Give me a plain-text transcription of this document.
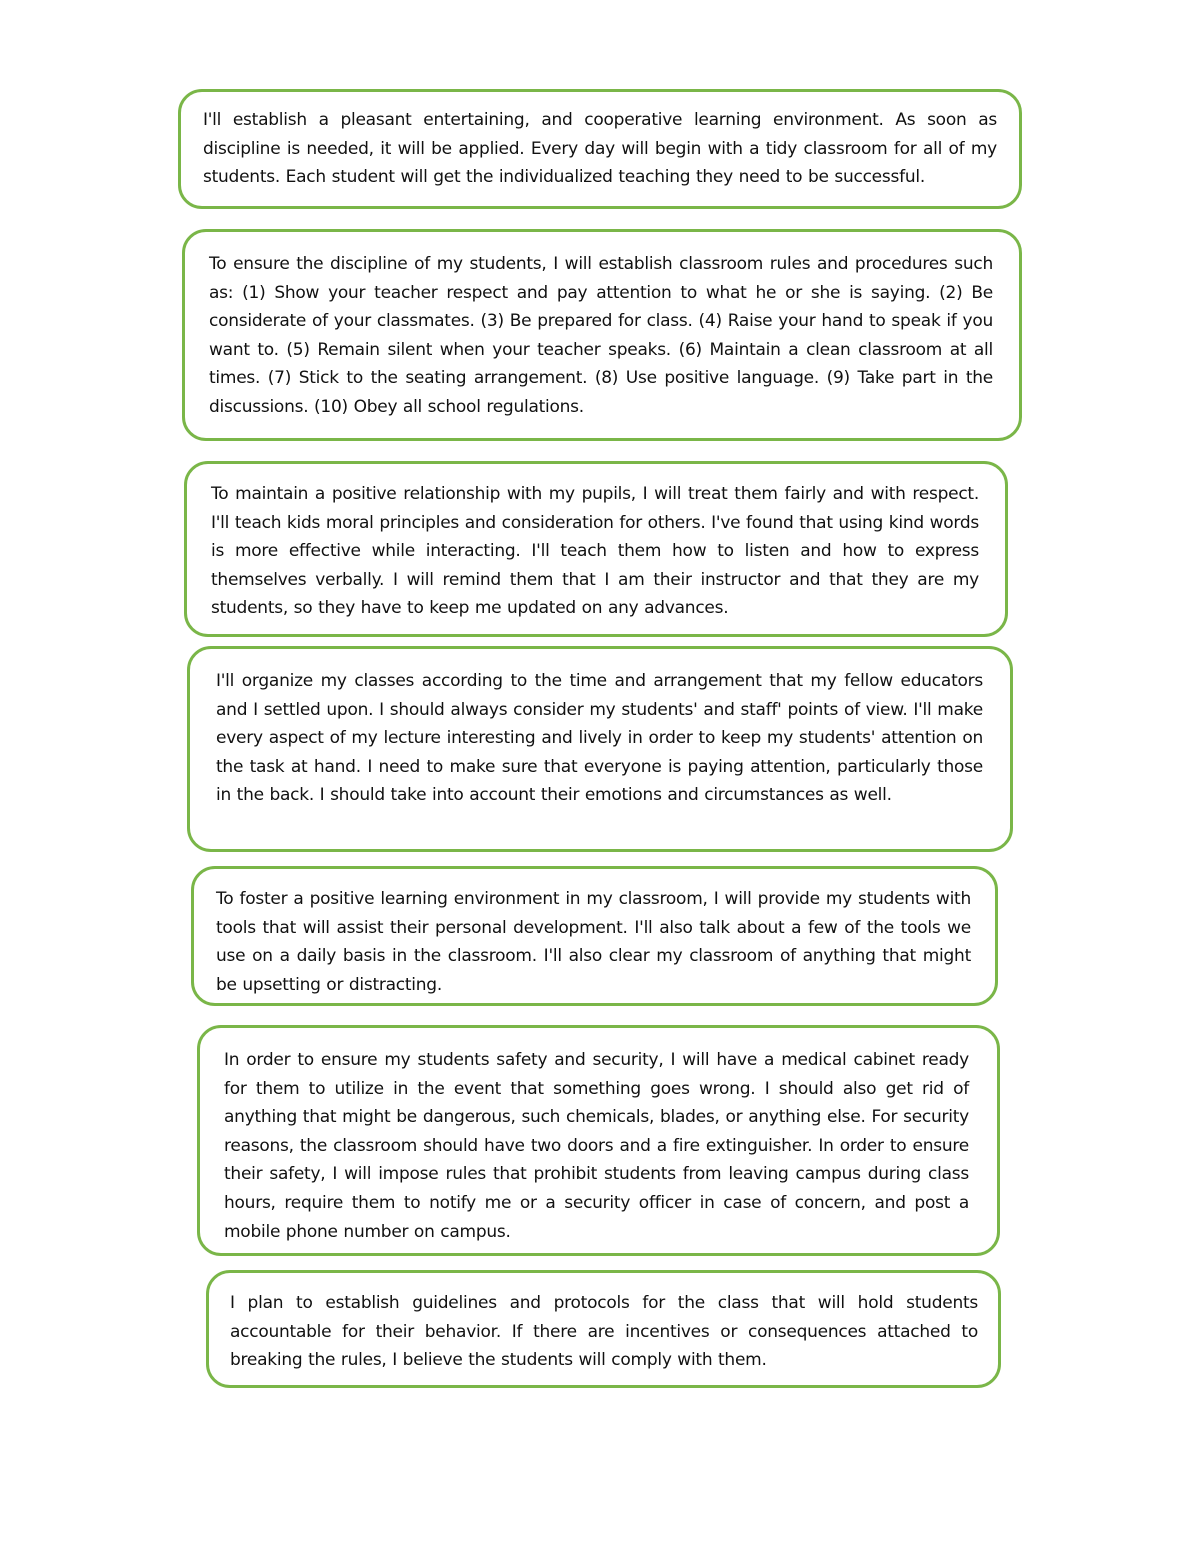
I'll establish a pleasant entertaining, and cooperative learning environment. As soon as discipline is needed, it will be applied. Every day will begin with a tidy classroom for all of my students. Each student will get the individualized teaching they need to be successful.

To ensure the discipline of my students, I will establish classroom rules and procedures such as: (1) Show your teacher respect and pay attention to what he or she is saying. (2) Be considerate of your classmates. (3) Be prepared for class. (4) Raise your hand to speak if you want to. (5) Remain silent when your teacher speaks. (6) Maintain a clean classroom at all times. (7) Stick to the seating arrangement. (8) Use positive language. (9) Take part in the discussions. (10) Obey all school regulations.

To maintain a positive relationship with my pupils, I will treat them fairly and with respect. I'll teach kids moral principles and consideration for others. I've found that using kind words is more effective while interacting. I'll teach them how to listen and how to express themselves verbally. I will remind them that I am their instructor and that they are my students, so they have to keep me updated on any advances.

I'll organize my classes according to the time and arrangement that my fellow educators and I settled upon. I should always consider my students' and staff' points of view. I'll make every aspect of my lecture interesting and lively in order to keep my students' attention on the task at hand. I need to make sure that everyone is paying attention, particularly those in the back. I should take into account their emotions and circumstances as well.

To foster a positive learning environment in my classroom, I will provide my students with tools that will assist their personal development. I'll also talk about a few of the tools we use on a daily basis in the classroom. I'll also clear my classroom of anything that might be upsetting or distracting.

In order to ensure my students safety and security, I will have a medical cabinet ready for them to utilize in the event that something goes wrong. I should also get rid of anything that might be dangerous, such chemicals, blades, or anything else. For security reasons, the classroom should have two doors and a fire extinguisher. In order to ensure their safety, I will impose rules that prohibit students from leaving campus during class hours, require them to notify me or a security officer in case of concern, and post a mobile phone number on campus.

I plan to establish guidelines and protocols for the class that will hold students accountable for their behavior. If there are incentives or consequences attached to breaking the rules, I believe the students will comply with them.
